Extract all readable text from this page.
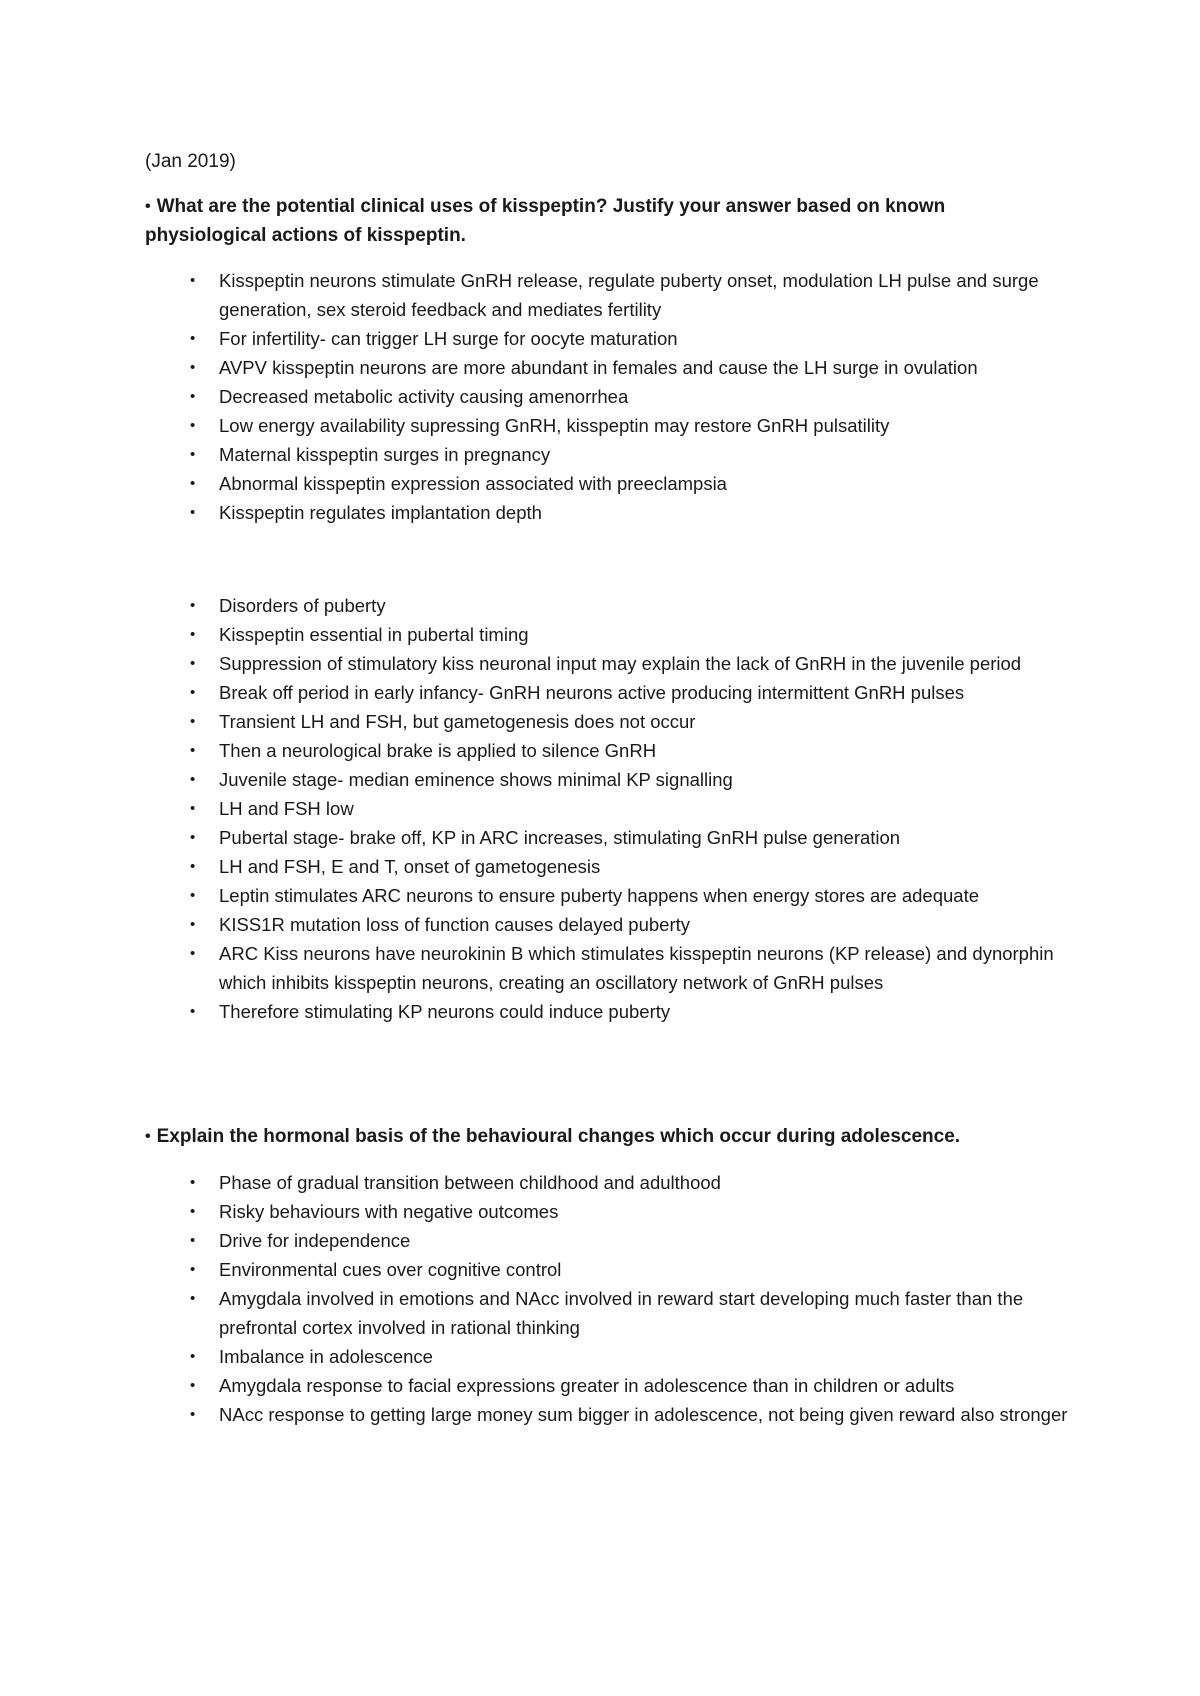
(Jan 2019)
• What are the potential clinical uses of kisspeptin? Justify your answer based on known physiological actions of kisspeptin.
• Kisspeptin neurons stimulate GnRH release, regulate puberty onset, modulation LH pulse and surge generation, sex steroid feedback and mediates fertility
• For infertility- can trigger LH surge for oocyte maturation
• AVPV kisspeptin neurons are more abundant in females and cause the LH surge in ovulation
• Decreased metabolic activity causing amenorrhea
• Low energy availability supressing GnRH, kisspeptin may restore GnRH pulsatility
• Maternal kisspeptin surges in pregnancy
• Abnormal kisspeptin expression associated with preeclampsia
• Kisspeptin regulates implantation depth
• Disorders of puberty
• Kisspeptin essential in pubertal timing
• Suppression of stimulatory kiss neuronal input may explain the lack of GnRH in the juvenile period
• Break off period in early infancy- GnRH neurons active producing intermittent GnRH pulses
• Transient LH and FSH, but gametogenesis does not occur
• Then a neurological brake is applied to silence GnRH
• Juvenile stage- median eminence shows minimal KP signalling
• LH and FSH low
• Pubertal stage- brake off, KP in ARC increases, stimulating GnRH pulse generation
• LH and FSH, E and T, onset of gametogenesis
• Leptin stimulates ARC neurons to ensure puberty happens when energy stores are adequate
• KISS1R mutation loss of function causes delayed puberty
• ARC Kiss neurons have neurokinin B which stimulates kisspeptin neurons (KP release) and dynorphin which inhibits kisspeptin neurons, creating an oscillatory network of GnRH pulses
• Therefore stimulating KP neurons could induce puberty
• Explain the hormonal basis of the behavioural changes which occur during adolescence.
• Phase of gradual transition between childhood and adulthood
• Risky behaviours with negative outcomes
• Drive for independence
• Environmental cues over cognitive control
• Amygdala involved in emotions and NAcc involved in reward start developing much faster than the prefrontal cortex involved in rational thinking
• Imbalance in adolescence
• Amygdala response to facial expressions greater in adolescence than in children or adults
• NAcc response to getting large money sum bigger in adolescence, not being given reward also stronger
